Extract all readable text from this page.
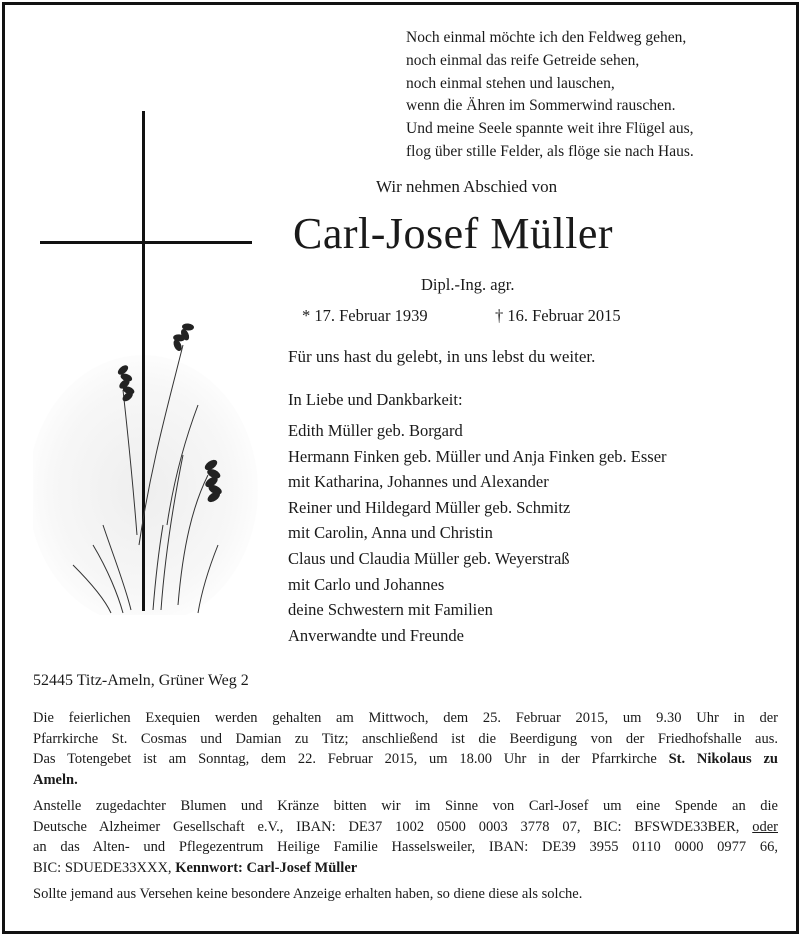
Noch einmal möchte ich den Feldweg gehen,
noch einmal das reife Getreide sehen,
noch einmal stehen und lauschen,
wenn die Ähren im Sommerwind rauschen.
Und meine Seele spannte weit ihre Flügel aus,
flog über stille Felder, als flöge sie nach Haus.
Wir nehmen Abschied von
Carl-Josef Müller
Dipl.-Ing. agr.
* 17. Februar 1939	† 16. Februar 2015
Für uns hast du gelebt, in uns lebst du weiter.
In Liebe und Dankbarkeit:
Edith Müller geb. Borgard
Hermann Finken geb. Müller und Anja Finken geb. Esser
mit Katharina, Johannes und Alexander
Reiner und Hildegard Müller geb. Schmitz
mit Carolin, Anna und Christin
Claus und Claudia Müller geb. Weyerstraß
mit Carlo und Johannes
deine Schwestern mit Familien
Anverwandte und Freunde
52445 Titz-Ameln, Grüner Weg 2
Die feierlichen Exequien werden gehalten am Mittwoch, dem 25. Februar 2015, um 9.30 Uhr in der
Pfarrkirche St. Cosmas und Damian zu Titz; anschließend ist die Beerdigung von der Friedhofshalle aus.
Das Totengebet ist am Sonntag, dem 22. Februar 2015, um 18.00 Uhr in der Pfarrkirche St. Nikolaus zu
Ameln.
Anstelle zugedachter Blumen und Kränze bitten wir im Sinne von Carl-Josef um eine Spende an die
Deutsche Alzheimer Gesellschaft e.V., IBAN: DE37 1002 0500 0003 3778 07, BIC: BFSWDE33BER, oder
an das Alten- und Pflegezentrum Heilige Familie Hasselsweiler, IBAN: DE39 3955 0110 0000 0977 66,
BIC: SDUEDE33XXX, Kennwort: Carl-Josef Müller
Sollte jemand aus Versehen keine besondere Anzeige erhalten haben, so diene diese als solche.
